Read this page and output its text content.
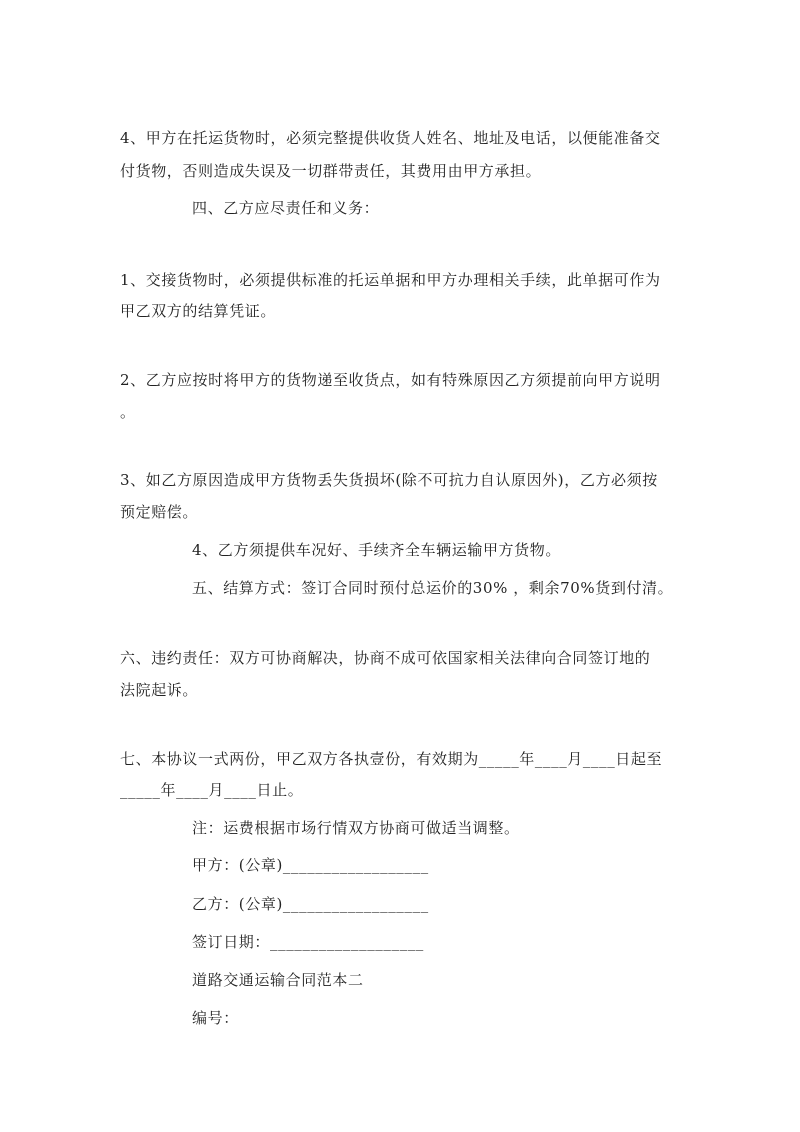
4、甲方在托运货物时，必须完整提供收货人姓名、地址及电话，以便能准备交
付货物，否则造成失误及一切群带责任，其费用由甲方承担。
四、乙方应尽责任和义务：
1、交接货物时，必须提供标准的托运单据和甲方办理相关手续，此单据可作为
甲乙双方的结算凭证。
2、乙方应按时将甲方的货物递至收货点，如有特殊原因乙方须提前向甲方说明
。
3、如乙方原因造成甲方货物丢失货损坏(除不可抗力自认原因外)，乙方必须按
预定赔偿。
4、乙方须提供车况好、手续齐全车辆运输甲方货物。
五、结算方式：签订合同时预付总运价的30% ，剩余70%货到付清。
六、违约责任：双方可协商解决，协商不成可依国家相关法律向合同签订地的
法院起诉。
七、本协议一式两份，甲乙双方各执壹份，有效期为_____年____月____日起至
_____年____月____日止。
注：运费根据市场行情双方协商可做适当调整。
甲方：(公章)__________________
乙方：(公章)__________________
签订日期：___________________
道路交通运输合同范本二
编号：
